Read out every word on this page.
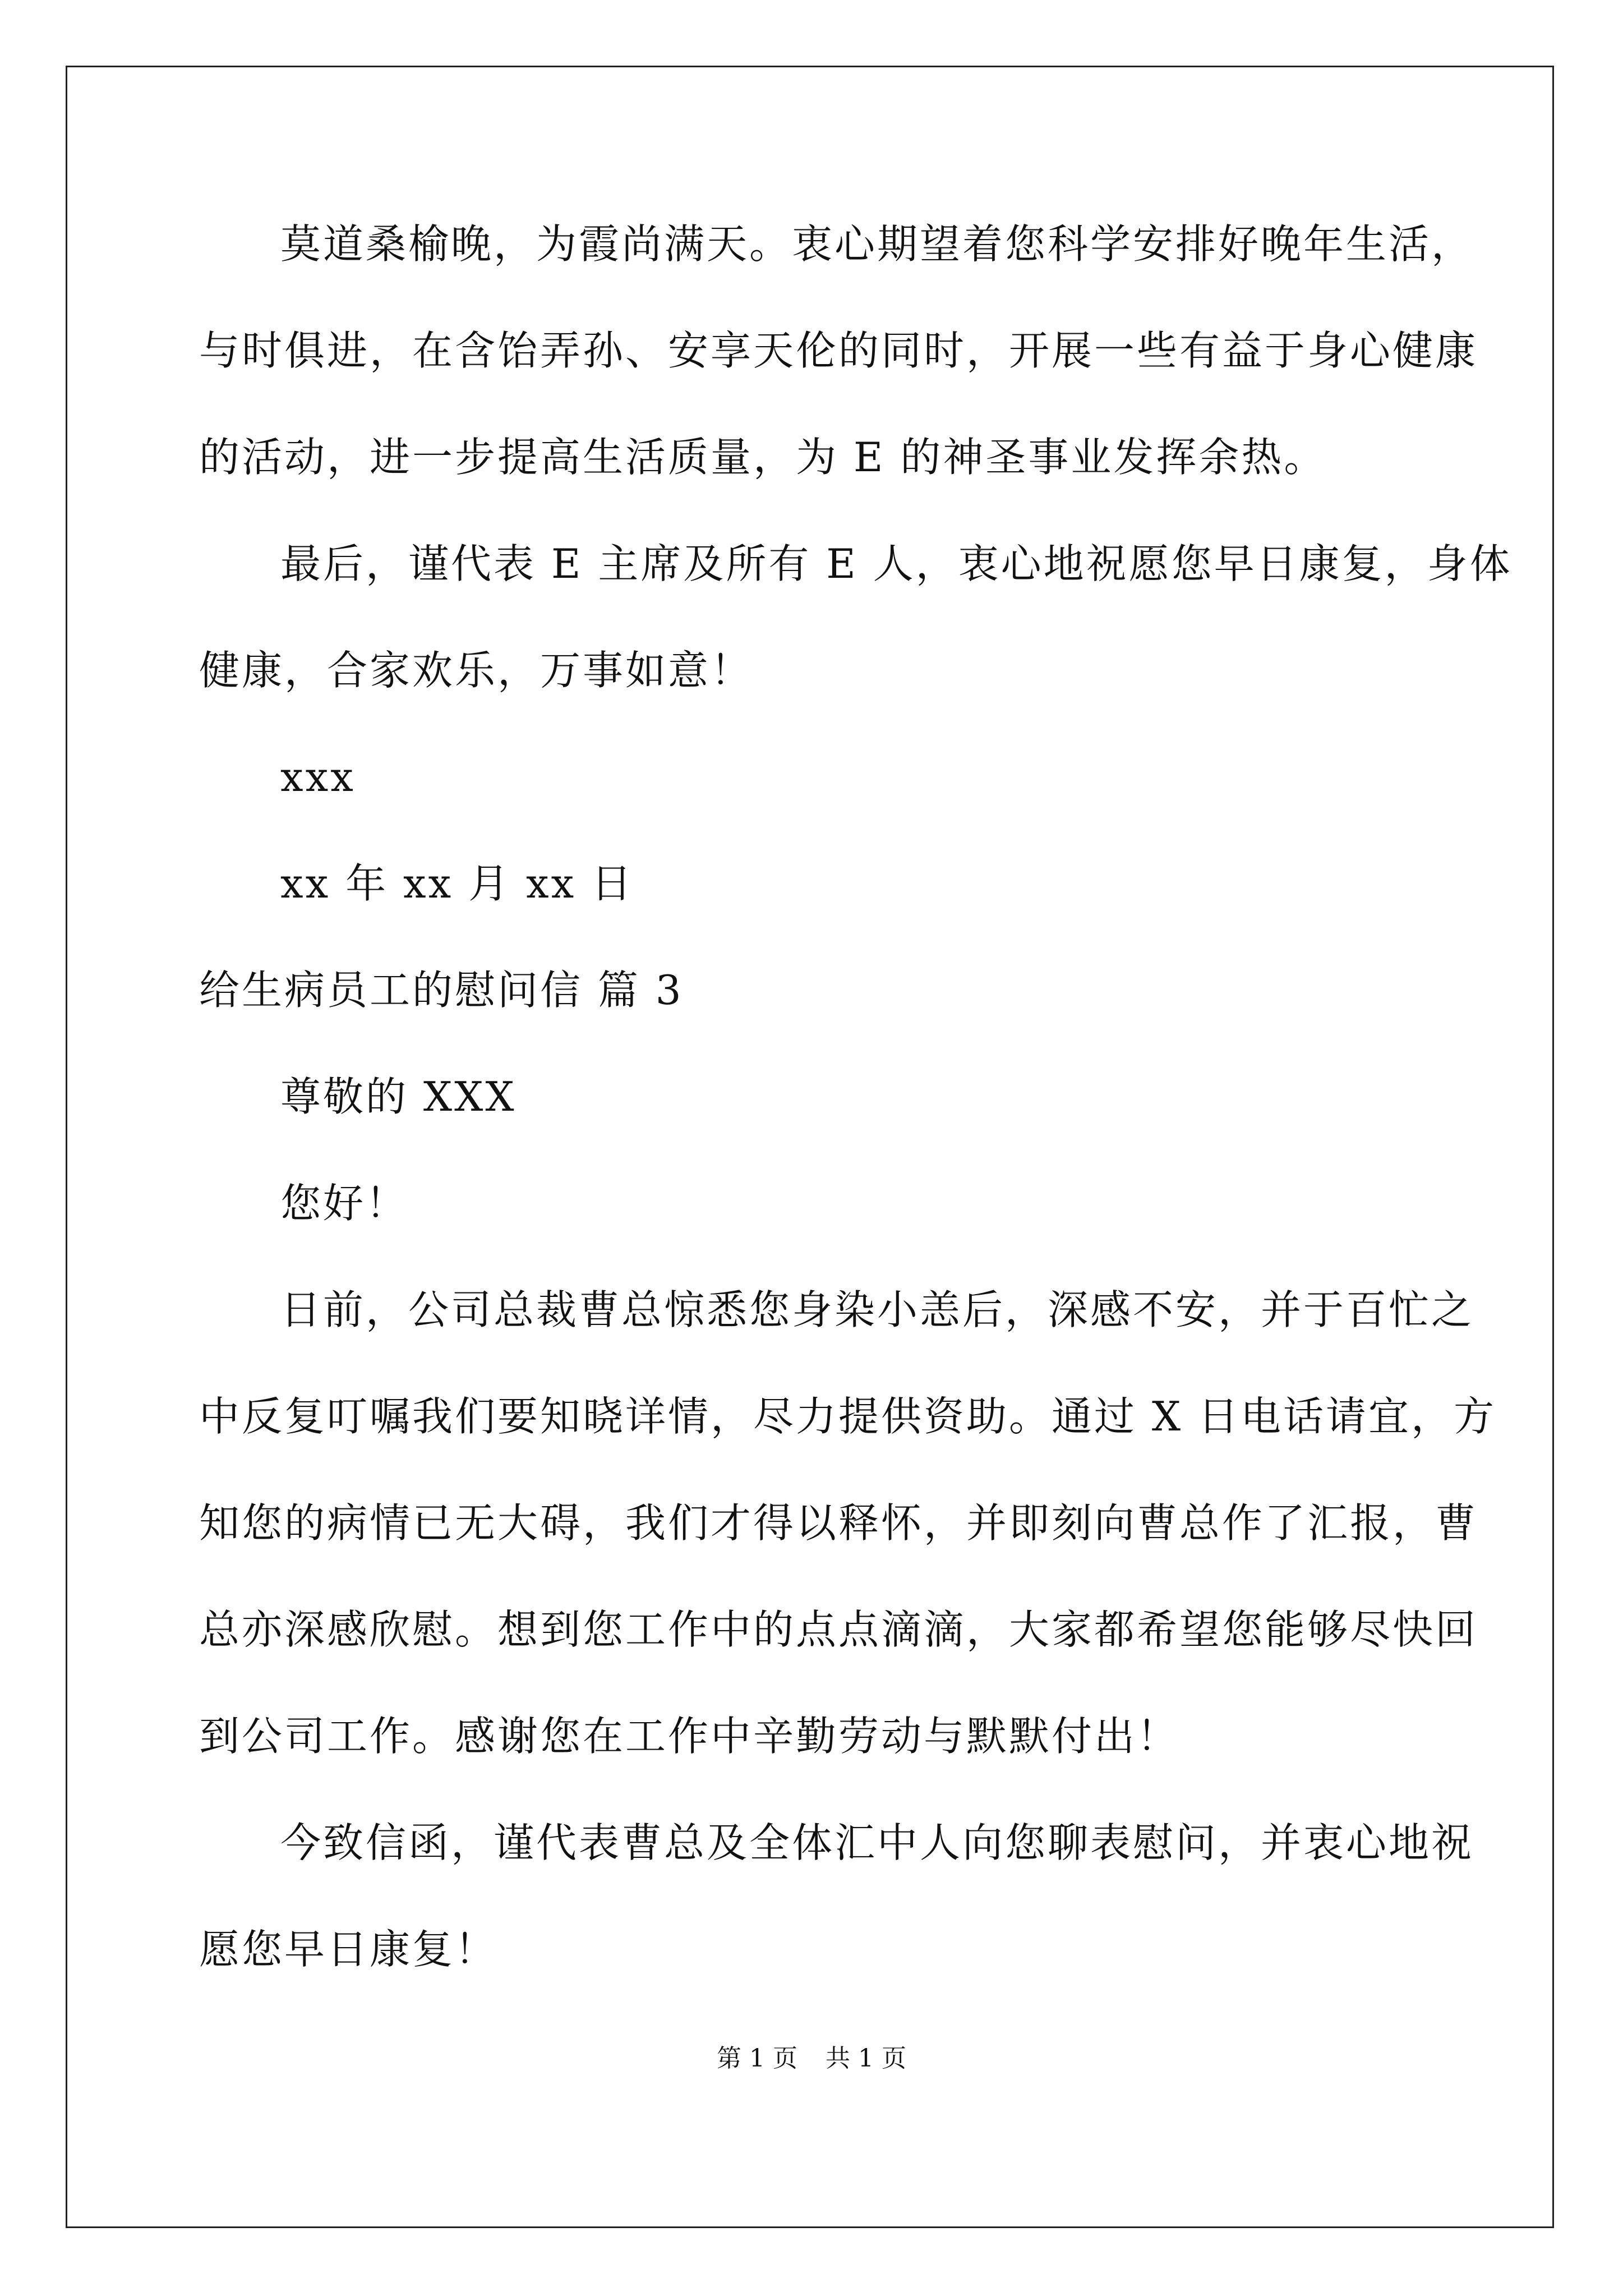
莫道桑榆晚，为霞尚满天。衷心期望着您科学安排好晚年生活，
与时俱进，在含饴弄孙、安享天伦的同时，开展一些有益于身心健康
的活动，进一步提高生活质量，为 E 的神圣事业发挥余热。
最后，谨代表 E 主席及所有 E 人，衷心地祝愿您早日康复，身体
健康，合家欢乐，万事如意！
xxx
xx 年 xx 月 xx 日
给生病员工的慰问信 篇 3
尊敬的 XXX
您好！
日前，公司总裁曹总惊悉您身染小恙后，深感不安，并于百忙之
中反复叮嘱我们要知晓详情，尽力提供资助。通过 X 日电话请宜，方
知您的病情已无大碍，我们才得以释怀，并即刻向曹总作了汇报，曹
总亦深感欣慰。想到您工作中的点点滴滴，大家都希望您能够尽快回
到公司工作。感谢您在工作中辛勤劳动与默默付出！
今致信函，谨代表曹总及全体汇中人向您聊表慰问，并衷心地祝
愿您早日康复！
第 1 页 共 1 页
